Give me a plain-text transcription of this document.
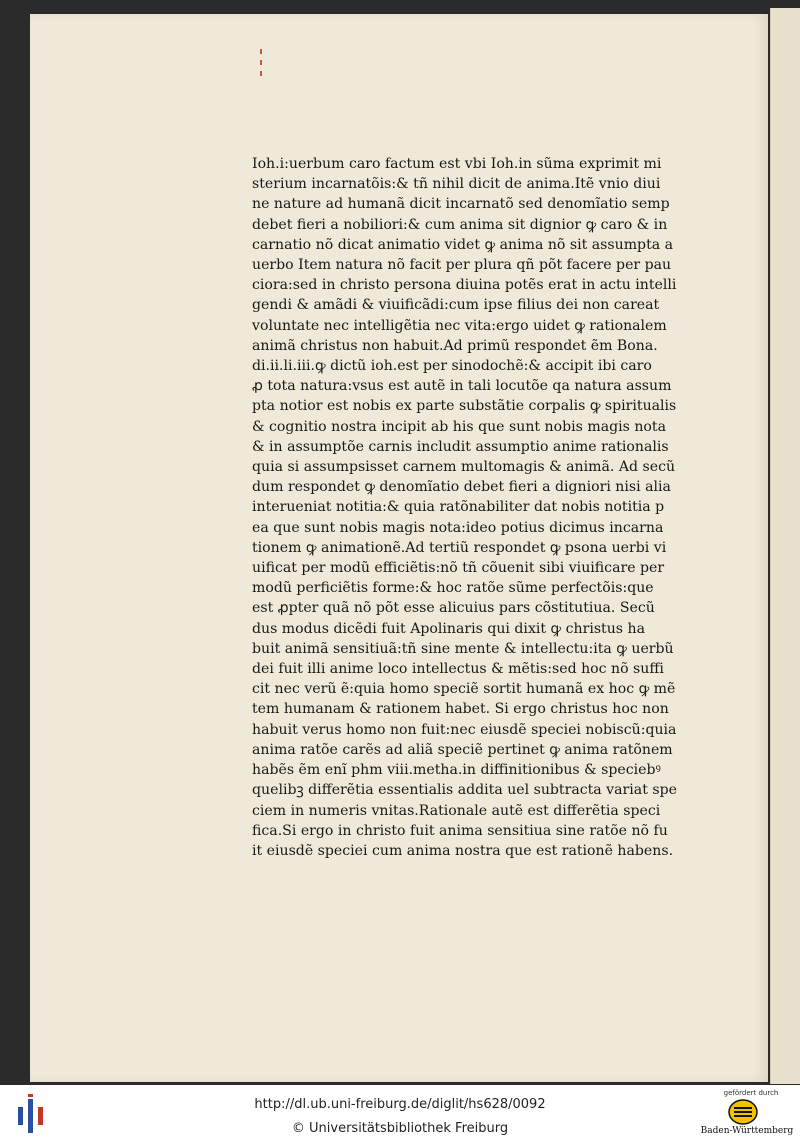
Ioh.i:uerbum caro factum est vbi Ioh.in sũma exprimit mi
sterium incarnatõis:& tñ nihil dicit de anima.Itẽ vnio diui
ne nature ad humanã dicit incarnatõ sed denomĩatio semp
debet fieri a nobiliori:& cum anima sit dignior ꝙ caro & in
carnatio nõ dicat animatio videt ꝙ anima nõ sit assumpta a
uerbo Item natura nõ facit per plura qñ põt facere per pau
ciora:sed in christo persona diuina potẽs erat in actu intelli
gendi & amãdi & viuificãdi:cum ipse filius dei non careat
voluntate nec intelligẽtia nec vita:ergo uidet ꝙ rationalem
animã christus non habuit.Ad primũ respondet ẽm Bona.
di.ii.li.iii.ꝙ dictũ ioh.est per sinodochẽ:& accipit ibi caro
ꝓ tota natura:vsus est autẽ in tali locutõe qa natura assum
pta notior est nobis ex parte substãtie corpalis ꝙ spiritualis
& cognitio nostra incipit ab his que sunt nobis magis nota
& in assumptõe carnis includit assumptio anime rationalis
quia si assumpsisset carnem multomagis & animã. Ad secũ
dum respondet ꝙ denomĩatio debet fieri a digniori nisi alia
interueniat notitia:& quia ratõnabiliter dat nobis notitia p
ea que sunt nobis magis nota:ideo potius dicimus incarna
tionem ꝙ animationẽ.Ad tertiũ respondet ꝙ psona uerbi vi
uificat per modũ efficiẽtis:nõ tñ cõuenit sibi viuificare per
modũ perficiẽtis forme:& hoc ratõe sũme perfectõis:que
est ꝓpter quã nõ põt esse alicuius pars cõstitutiua. Secũ
dus modus dicẽdi fuit Apolinaris qui dixit ꝙ christus ha
buit animã sensitiuã:tñ sine mente & intellectu:ita ꝙ uerbũ
dei fuit illi anime loco intellectus & mẽtis:sed hoc nõ suffi
cit nec verũ ẽ:quia homo speciẽ sortit humanã ex hoc ꝙ mẽ
tem humanam & rationem habet. Si ergo christus hoc non
habuit verus homo non fuit:nec eiusdẽ speciei nobiscũ:quia
anima ratõe carẽs ad aliã speciẽ pertinet ꝙ anima ratõnem
habẽs ẽm enĩ phm viii.metha.in diffinitionibus & speciebꝰ
quelibꝫ differẽtia essentialis addita uel subtracta variat spe
ciem in numeris vnitas.Rationale autẽ est differẽtia speci
fica.Si ergo in christo fuit anima sensitiua sine ratõe nõ fu
it eiusdẽ speciei cum anima nostra que est rationẽ habens.

http://dl.ub.uni-freiburg.de/diglit/hs628/0092
© Universitätsbibliothek Freiburg
gefördert durch
Baden-Württemberg
